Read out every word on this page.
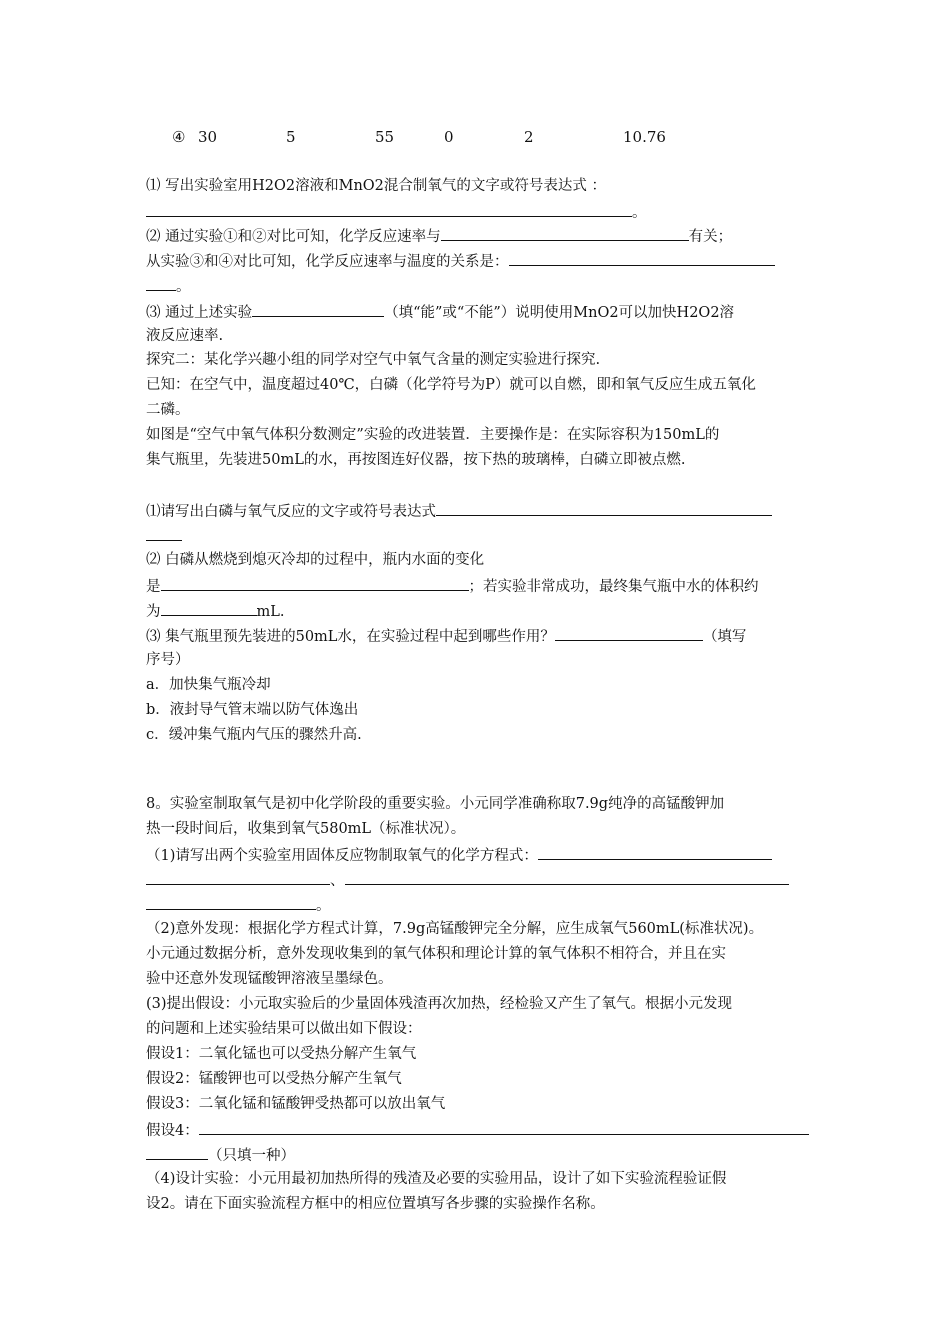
④ 30	5	55	0	2	10.76
⑴ 写出实验室用H2O2溶液和MnO2混合制氧气的文字或符号表达式 ：
。
⑵ 通过实验①和②对比可知，化学反应速率与	有关；
从实验③和④对比可知，化学反应速率与温度的关系是：
。
⑶ 通过上述实验	（填“能”或“不能”）说明使用MnO2可以加快H2O2溶
液反应速率.
探究二：某化学兴趣小组的同学对空气中氧气含量的测定实验进行探究.
已知：在空气中，温度超过40℃，白磷（化学符号为P）就可以自燃，即和氧气反应生成五氧化
二磷。
如图是“空气中氧气体积分数测定”实验的改进装置．主要操作是：在实际容积为150mL的
集气瓶里，先装进50mL的水，再按图连好仪器，按下热的玻璃棒，白磷立即被点燃.
⑴请写出白磷与氧气反应的文字或符号表达式
⑵ 白磷从燃烧到熄灭冷却的过程中，瓶内水面的变化
是	；若实验非常成功，最终集气瓶中水的体积约
为	mL.
⑶ 集气瓶里预先装进的50mL水，在实验过程中起到哪些作用？	（填写
序号）
a．加快集气瓶冷却
b．液封导气管末端以防气体逸出
c．缓冲集气瓶内气压的骤然升高.
8。实验室制取氧气是初中化学阶段的重要实验。小元同学准确称取7.9g纯净的高锰酸钾加
热一段时间后，收集到氧气580mL（标准状况）。
（1)请写出两个实验室用固体反应物制取氧气的化学方程式：
、
。
（2)意外发现：根据化学方程式计算，7.9g高锰酸钾完全分解，应生成氧气560mL(标准状况)。
小元通过数据分析，意外发现收集到的氧气体积和理论计算的氧气体积不相符合，并且在实
验中还意外发现锰酸钾溶液呈墨绿色。
(3)提出假设：小元取实验后的少量固体残渣再次加热，经检验又产生了氧气。根据小元发现
的问题和上述实验结果可以做出如下假设：
假设1：二氧化锰也可以受热分解产生氧气
假设2：锰酸钾也可以受热分解产生氧气
假设3：二氧化锰和锰酸钾受热都可以放出氧气
假设4：
（只填一种）
（4)设计实验：小元用最初加热所得的残渣及必要的实验用品，设计了如下实验流程验证假
设2。请在下面实验流程方框中的相应位置填写各步骤的实验操作名称。
